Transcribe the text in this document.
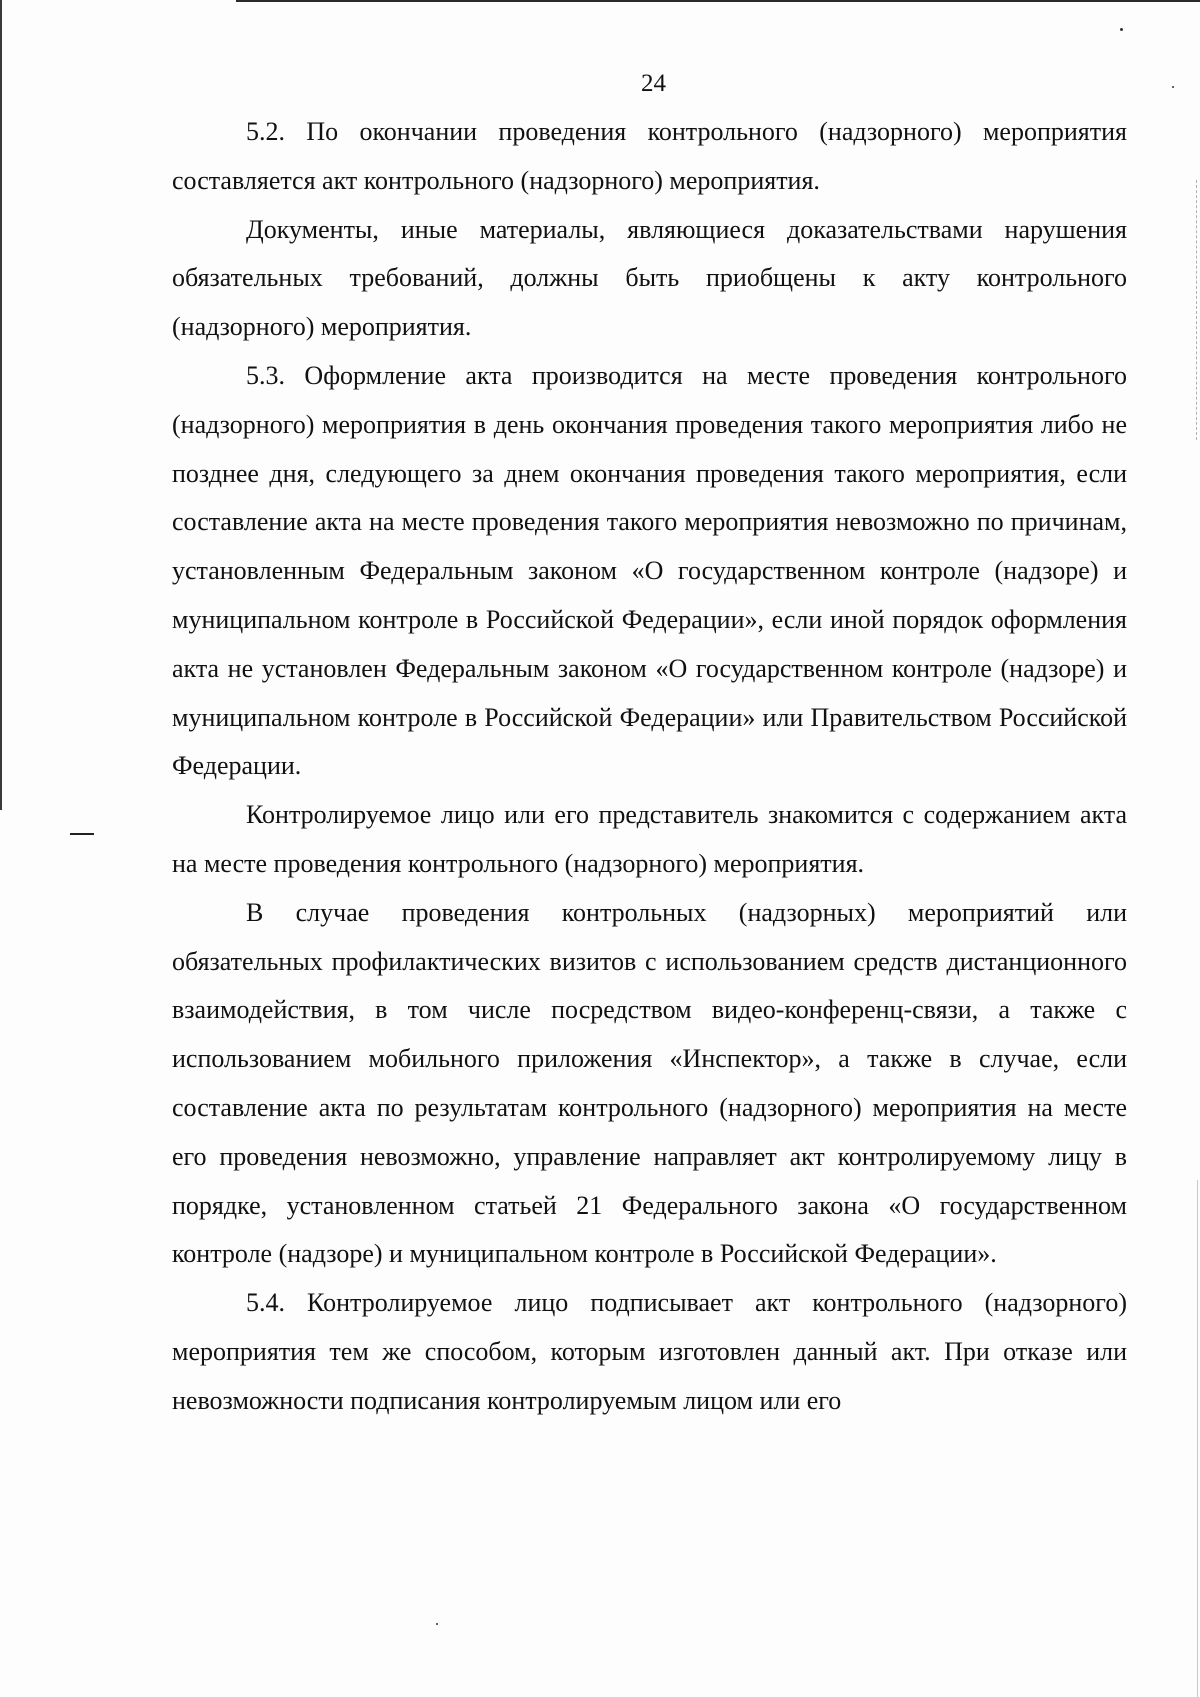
24

5.2. По окончании проведения контрольного (надзорного) мероприятия составляется акт контрольного (надзорного) мероприятия.

Документы, иные материалы, являющиеся доказательствами нарушения обязательных требований, должны быть приобщены к акту контрольного (надзорного) мероприятия.

5.3. Оформление акта производится на месте проведения контрольного (надзорного) мероприятия в день окончания проведения такого мероприятия либо не позднее дня, следующего за днем окончания проведения такого мероприятия, если составление акта на месте проведения такого мероприятия невозможно по причинам, установленным Федеральным законом «О государственном контроле (надзоре) и муниципальном контроле в Российской Федерации», если иной порядок оформления акта не установлен Федеральным законом «О государственном контроле (надзоре) и муниципальном контроле в Российской Федерации» или Правительством Российской Федерации.

Контролируемое лицо или его представитель знакомится с содержанием акта на месте проведения контрольного (надзорного) мероприятия.

В случае проведения контрольных (надзорных) мероприятий или обязательных профилактических визитов с использованием средств дистанционного взаимодействия, в том числе посредством видео-конференц-связи, а также с использованием мобильного приложения «Инспектор», а также в случае, если составление акта по результатам контрольного (надзорного) мероприятия на месте его проведения невозможно, управление направляет акт контролируемому лицу в порядке, установленном статьей 21 Федерального закона «О государственном контроле (надзоре) и муниципальном контроле в Российской Федерации».

5.4. Контролируемое лицо подписывает акт контрольного (надзорного) мероприятия тем же способом, которым изготовлен данный акт. При отказе или невозможности подписания контролируемым лицом или его
